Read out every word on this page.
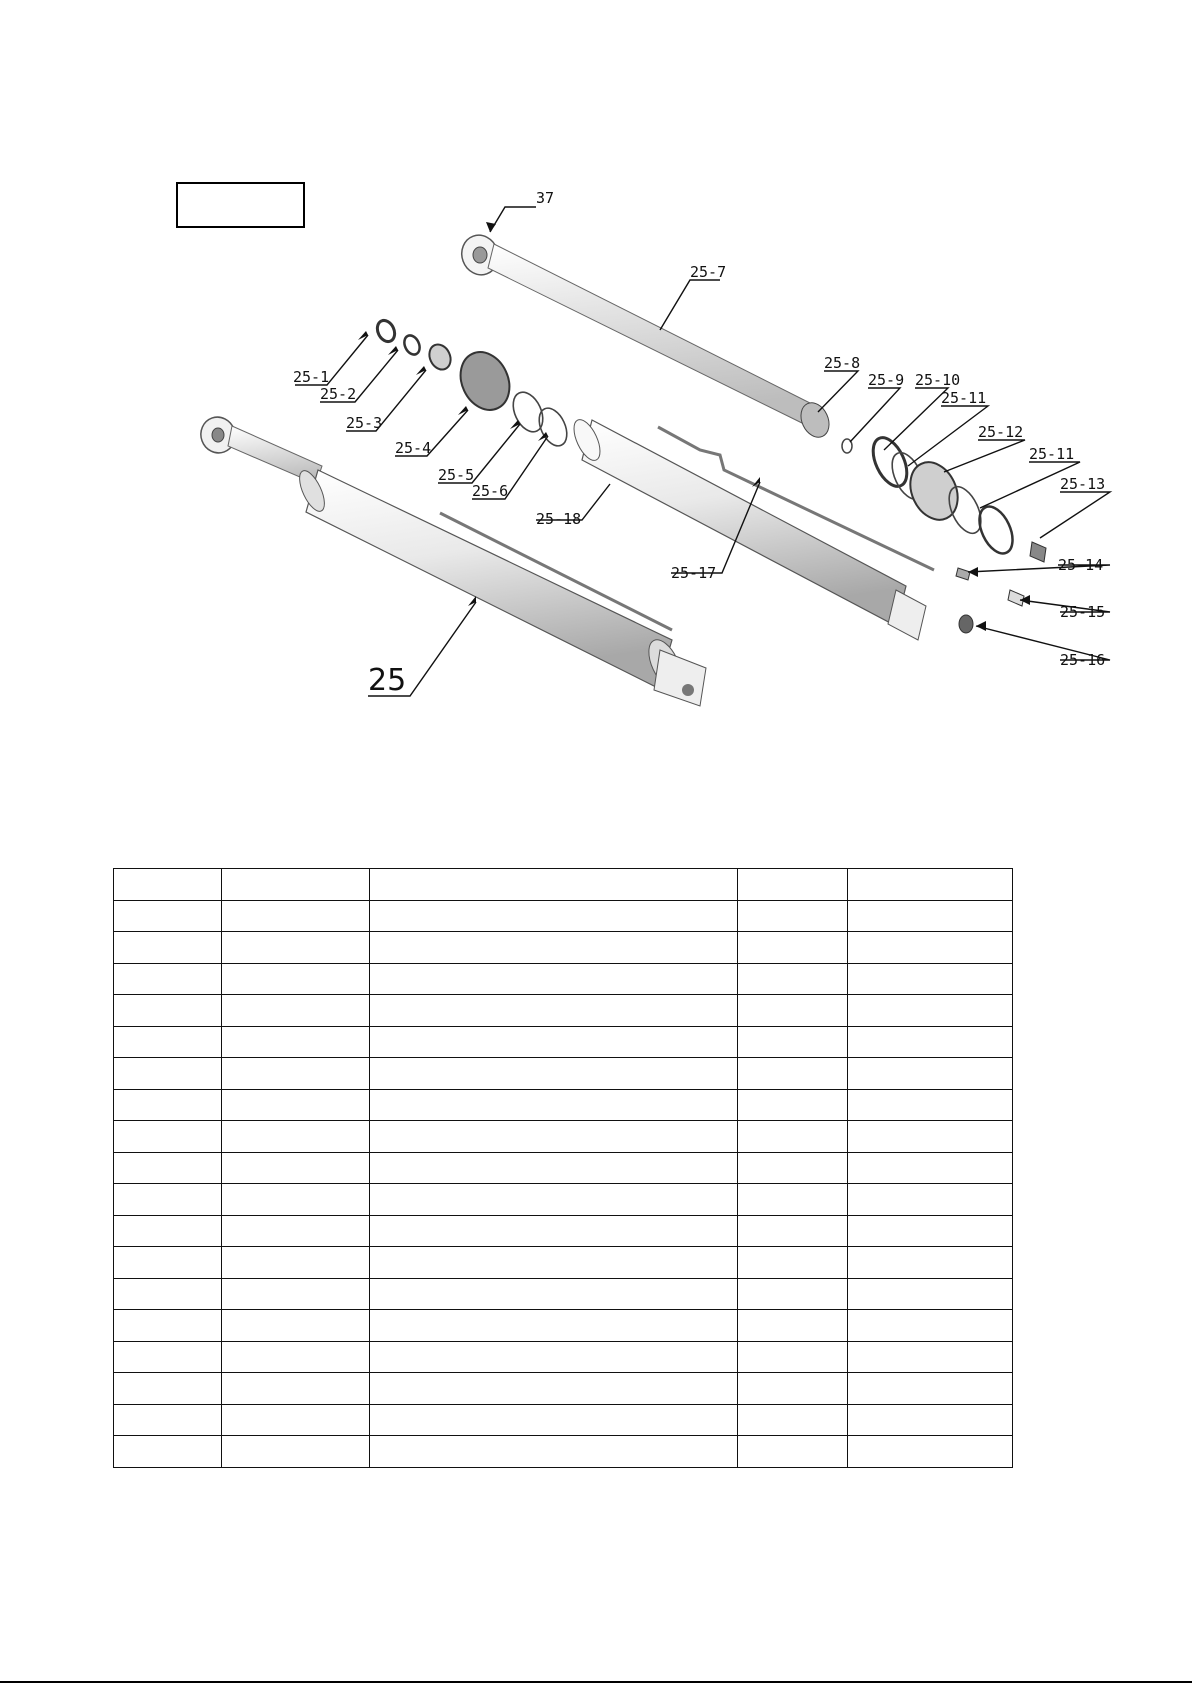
37
25-1
25-2
25-3
25-4
25-5
25-6
25-7
25-8
25-9 25-10
25-11
25-12
25-11
25-13
25-14
25-15
25-16
25-17
25-18
25
